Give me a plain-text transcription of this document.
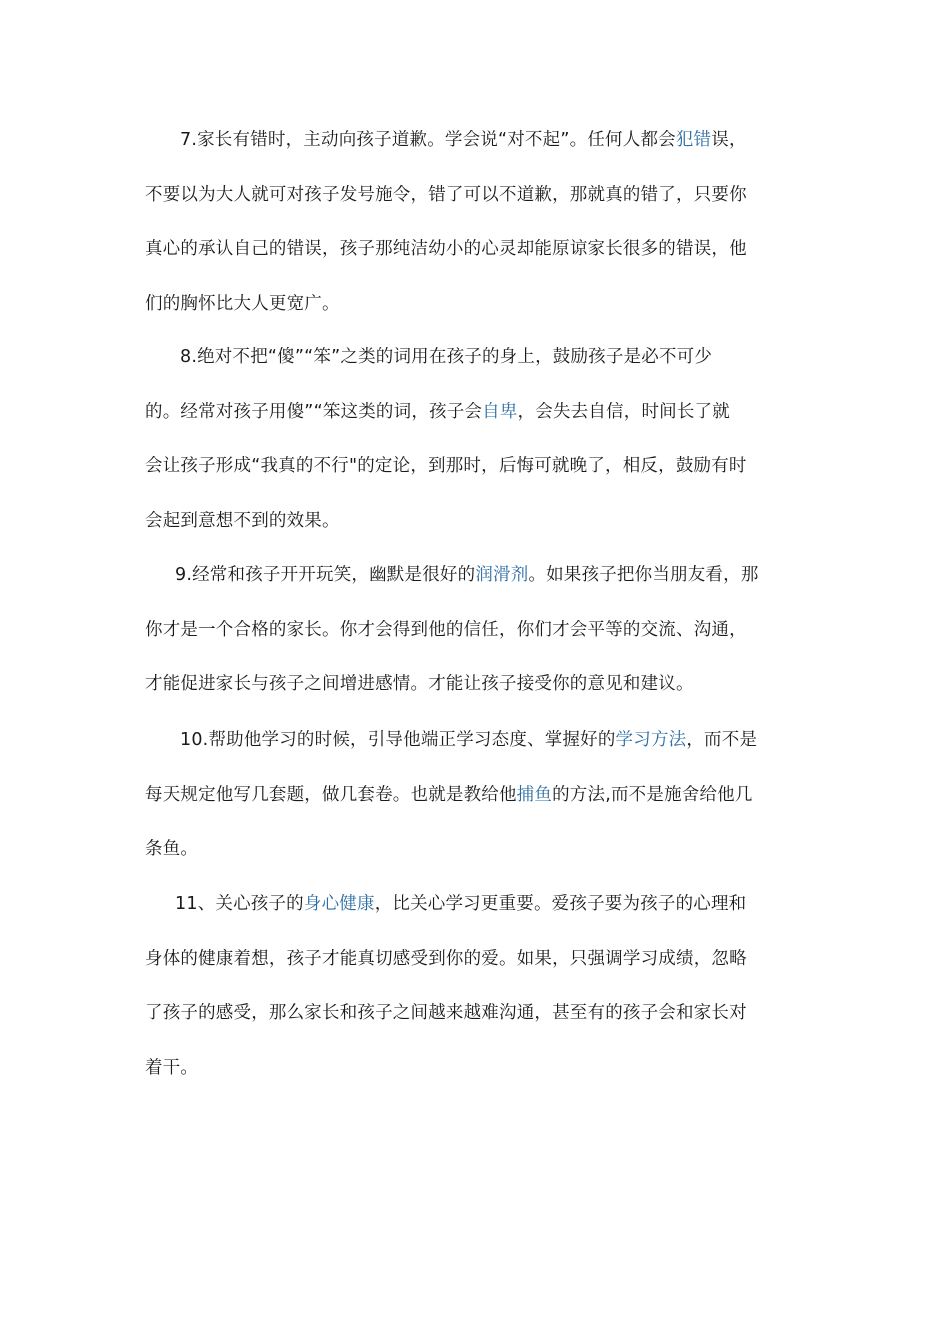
7.家长有错时，主动向孩子道歉。学会说“对不起”。任何人都会犯错误，
不要以为大人就可对孩子发号施令，错了可以不道歉，那就真的错了，只要你
真心的承认自己的错误，孩子那纯洁幼小的心灵却能原谅家长很多的错误，他
们的胸怀比大人更宽广。
8.绝对不把“傻”“笨”之类的词用在孩子的身上，鼓励孩子是必不可少
的。经常对孩子用傻”“笨这类的词，孩子会自卑，会失去自信，时间长了就
会让孩子形成“我真的不行"的定论，到那时，后悔可就晚了，相反，鼓励有时
会起到意想不到的效果。
9.经常和孩子开开玩笑，幽默是很好的润滑剂。如果孩子把你当朋友看，那
你才是一个合格的家长。你才会得到他的信任，你们才会平等的交流、沟通，
才能促进家长与孩子之间增进感情。才能让孩子接受你的意见和建议。
10.帮助他学习的时候，引导他端正学习态度、掌握好的学习方法，而不是
每天规定他写几套题，做几套卷。也就是教给他捕鱼的方法,而不是施舍给他几
条鱼。
11、关心孩子的身心健康，比关心学习更重要。爱孩子要为孩子的心理和
身体的健康着想，孩子才能真切感受到你的爱。如果，只强调学习成绩，忽略
了孩子的感受，那么家长和孩子之间越来越难沟通，甚至有的孩子会和家长对
着干。
